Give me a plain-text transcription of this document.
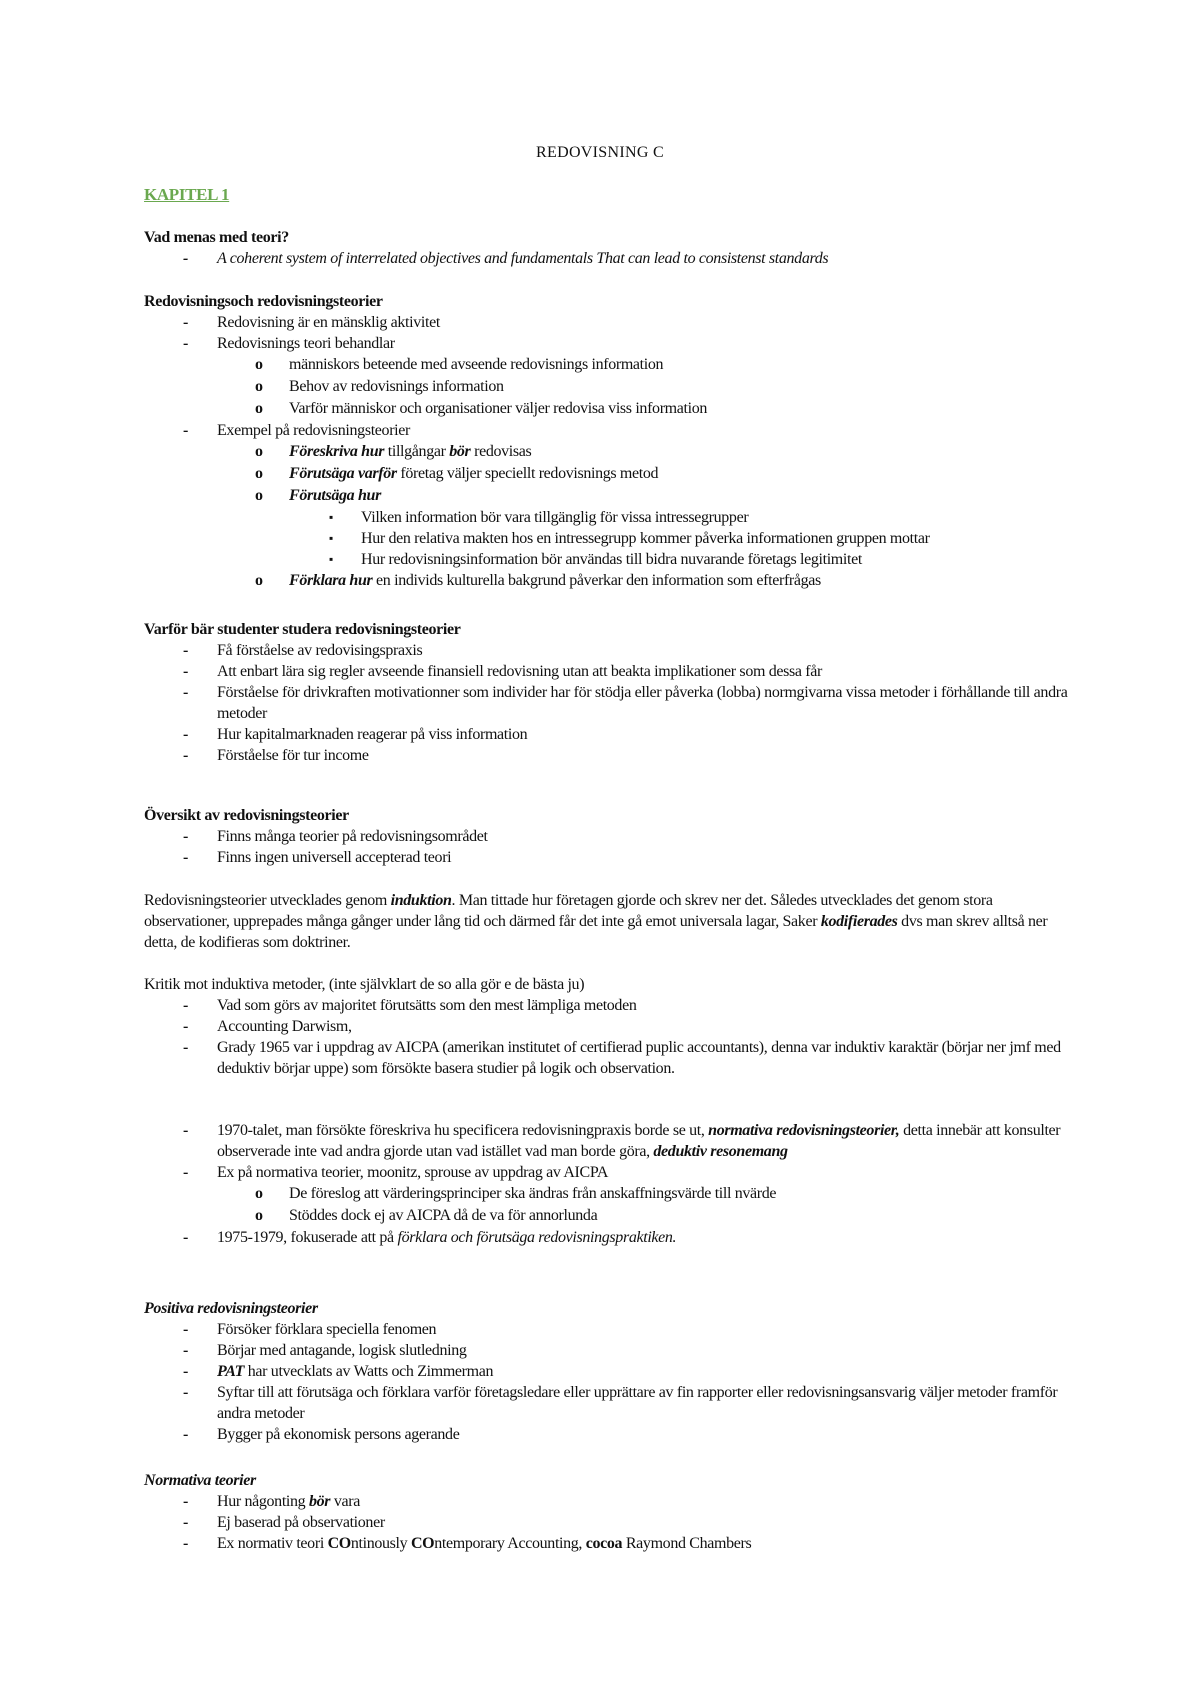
REDOVISNING C
KAPITEL 1
Vad menas med teori?
- A coherent system of interrelated objectives and fundamentals That can lead to consistenst standards
Redovisningsoch redovisningsteorier
- Redovisning är en mänsklig aktivitet
- Redovisnings teori behandlar
o människors beteende med avseende redovisnings information
o Behov av redovisnings information
o Varför människor och organisationer väljer redovisa viss information
- Exempel på redovisningsteorier
o Föreskriva hur tillgångar bör redovisas
o Förutsäga varför företag väljer speciellt redovisnings metod
o Förutsäga hur
▪ Vilken information bör vara tillgänglig för vissa intressegrupper
▪ Hur den relativa makten hos en intressegrupp kommer påverka informationen gruppen mottar
▪ Hur redovisningsinformation bör användas till bidra nuvarande företags legitimitet
o Förklara hur en individs kulturella bakgrund påverkar den information som efterfrågas
Varför bär studenter studera redovisningsteorier
- Få förståelse av redovisingspraxis
- Att enbart lära sig regler avseende finansiell redovisning utan att beakta implikationer som dessa får
- Förståelse för drivkraften motivationner som individer har för stödja eller påverka (lobba) normgivarna vissa metoder i förhållande till andra metoder
- Hur kapitalmarknaden reagerar på viss information
- Förståelse för tur income
Översikt av redovisningsteorier
- Finns många teorier på redovisningsområdet
- Finns ingen universell accepterad teori
Redovisningsteorier utvecklades genom induktion. Man tittade hur företagen gjorde och skrev ner det. Således utvecklades det genom stora observationer, upprepades många gånger under lång tid och därmed får det inte gå emot universala lagar, Saker kodifierades dvs man skrev alltså ner detta, de kodifieras som doktriner.
Kritik mot induktiva metoder, (inte självklart de so alla gör e de bästa ju)
- Vad som görs av majoritet förutsätts som den mest lämpliga metoden
- Accounting Darwism,
- Grady 1965 var i uppdrag av AICPA (amerikan institutet of certifierad puplic accountants), denna var induktiv karaktär (börjar ner jmf med deduktiv börjar uppe) som försökte basera studier på logik och observation.
- 1970-talet, man försökte föreskriva hu specificera redovisningpraxis borde se ut, normativa redovisningsteorier, detta innebär att konsulter observerade inte vad andra gjorde utan vad istället vad man borde göra, deduktiv resonemang
- Ex på normativa teorier, moonitz, sprouse av uppdrag av AICPA
o De föreslog att värderingsprinciper ska ändras från anskaffningsvärde till nvärde
o Stöddes dock ej av AICPA då de va för annorlunda
- 1975-1979, fokuserade att på förklara och förutsäga redovisningspraktiken.
Positiva redovisningsteorier
- Försöker förklara speciella fenomen
- Börjar med antagande, logisk slutledning
- PAT har utvecklats av Watts och Zimmerman
- Syftar till att förutsäga och förklara varför företagsledare eller upprättare av fin rapporter eller redovisningsansvarig väljer metoder framför andra metoder
- Bygger på ekonomisk persons agerande
Normativa teorier
- Hur någonting bör vara
- Ej baserad på observationer
- Ex normativ teori COntinously COntemporary Accounting, cocoa Raymond Chambers
